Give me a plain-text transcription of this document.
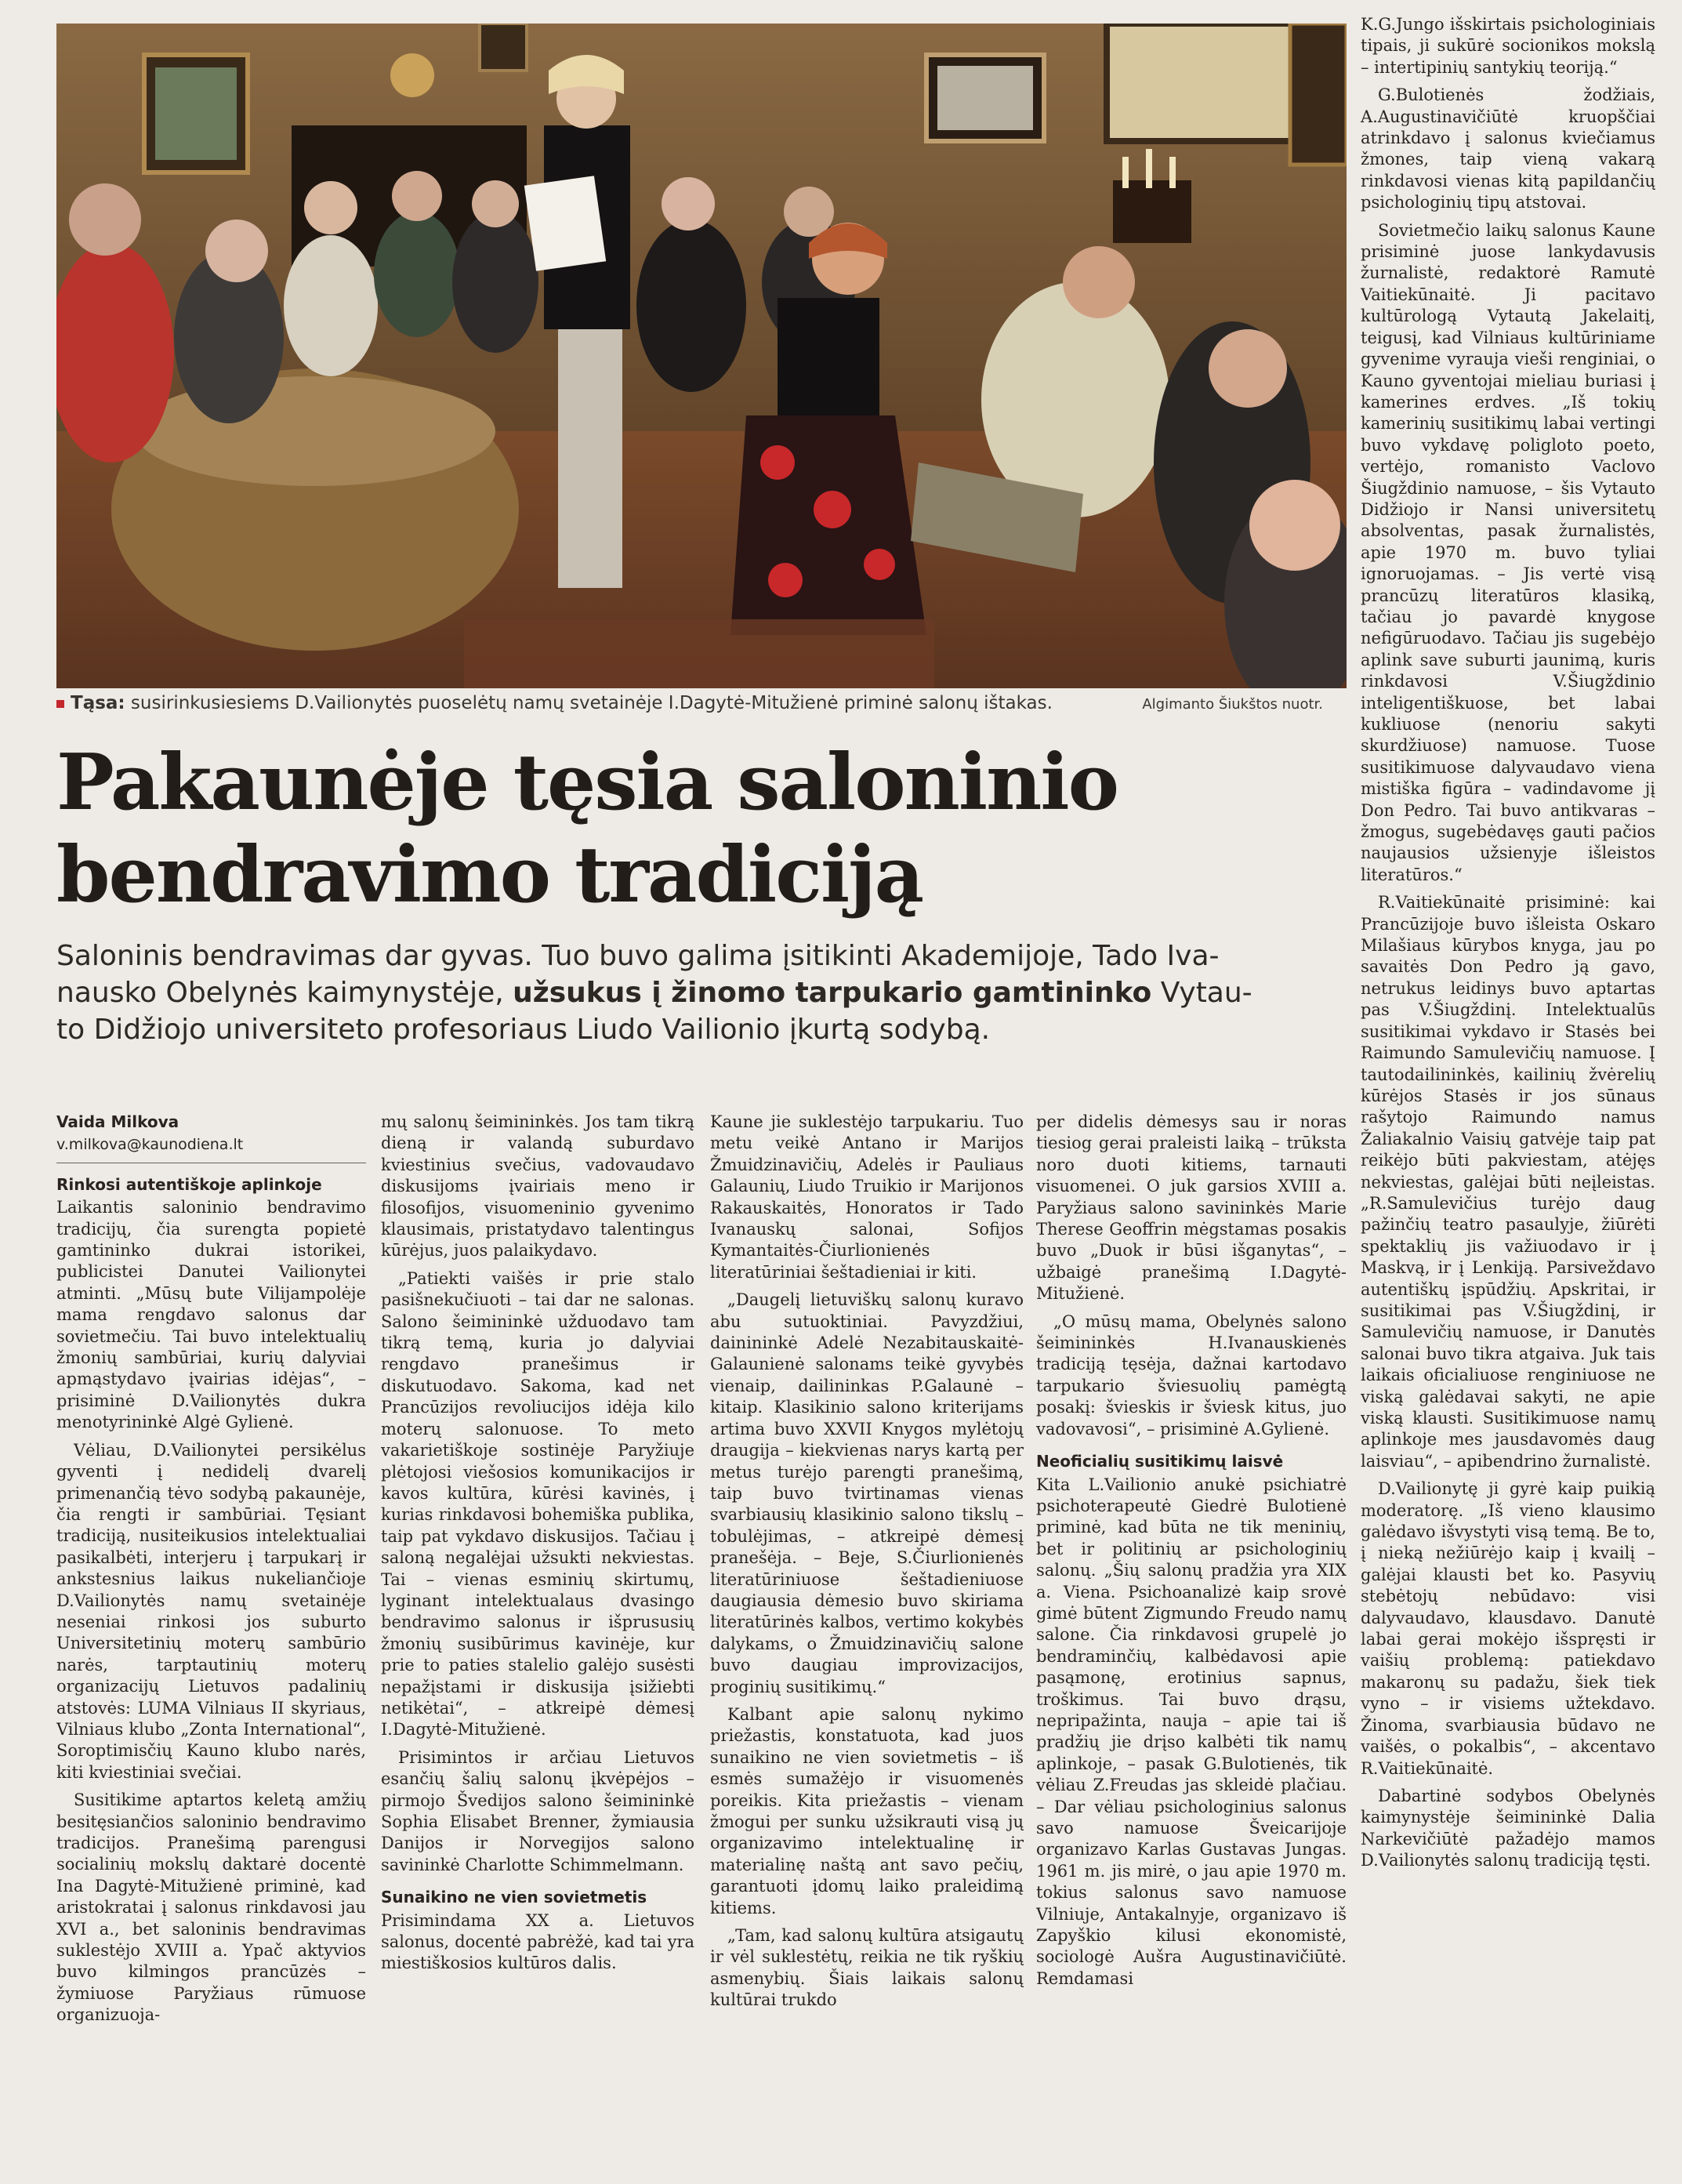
Tąsa: susirinkusiesiems D.Vailionytės puoselėtų namų svetainėje I.Dagytė-Mitužienė priminė salonų ištakas.	Algimanto Šiukštos nuotr.
Pakaunėje tęsia saloninio
bendravimo tradiciją
Saloninis bendravimas dar gyvas. Tuo buvo galima įsitikinti Akademijoje, Tado Iva-
nausko Obelynės kaimynystėje, užsukus į žinomo tarpukario gamtininko Vytau-
to Didžiojo universiteto profesoriaus Liudo Vailionio įkurtą sodybą.
Vaida Milkova
v.milkova@kaunodiena.lt
Rinkosi autentiškoje aplinkoje

Laikantis saloninio bendravimo tradicijų, čia surengta popietė gamtininko dukrai istorikei, publicistei Danutei Vailionytei atminti. „Mūsų bute Vilijampolėje mama rengdavo salonus dar sovietmečiu. Tai buvo intelektualių žmonių sambūriai, kurių dalyviai apmąstydavo įvairias idėjas“, – prisiminė D.Vailionytės dukra menotyrininkė Algė Gylienė.

Vėliau, D.Vailionytei persikėlus gyventi į nedidelį dvarelį primenančią tėvo sodybą pakaunėje, čia rengti ir sambūriai. Tęsiant tradiciją, nusiteikusios intelektualiai pasikalbėti, interjeru į tarpukarį ir ankstesnius laikus nukeliančioje D.Vailionytės namų svetainėje neseniai rinkosi jos suburto Universitetinių moterų sambūrio narės, tarptautinių moterų organizacijų Lietuvos padalinių atstovės: LUMA Vilniaus II skyriaus, Vilniaus klubo „Zonta International“, Soroptimisčių Kauno klubo narės, kiti kviestiniai svečiai.

Susitikime aptartos keletą amžių besitęsiančios saloninio bendravimo tradicijos. Pranešimą parengusi socialinių mokslų daktarė docentė Ina Dagytė-Mitužienė priminė, kad aristokratai į salonus rinkdavosi jau XVI a., bet saloninis bendravimas suklestėjo XVIII a. Ypač aktyvios buvo kilmingos prancūzės – žymiuose Paryžiaus rūmuose organizuoja-

mų salonų šeimininkės. Jos tam tikrą dieną ir valandą suburdavo kviestinius svečius, vadovaudavo diskusijoms įvairiais meno ir filosofijos, visuomeninio gyvenimo klausimais, pristatydavo talentingus kūrėjus, juos palaikydavo.

„Patiekti vaišės ir prie stalo pasišnekučiuoti – tai dar ne salonas. Salono šeimininkė užduodavo tam tikrą temą, kuria jo dalyviai rengdavo pranešimus ir diskutuodavo. Sakoma, kad net Prancūzijos revoliucijos idėja kilo moterų salonuose. To meto vakarietiškoje sostinėje Paryžiuje plėtojosi viešosios komunikacijos ir kavos kultūra, kūrėsi kavinės, į kurias rinkdavosi bohemiška publika, taip pat vykdavo diskusijos. Tačiau į saloną negalėjai užsukti nekviestas. Tai – vienas esminių skirtumų, lyginant intelektualaus dvasingo bendravimo salonus ir išprususių žmonių susibūrimus kavinėje, kur prie to paties stalelio galėjo susėsti nepažįstami ir diskusija įsižiebti netikėtai“, – atkreipė dėmesį I.Dagytė-Mitužienė.

Prisimintos ir arčiau Lietuvos esančių šalių salonų įkvėpėjos – pirmojo Švedijos salono šeimininkė Sophia Elisabet Brenner, žymiausia Danijos ir Norvegijos salono savininkė Charlotte Schimmelmann.

Sunaikino ne vien sovietmetis

Prisimindama XX a. Lietuvos salonus, docentė pabrėžė, kad tai yra miestiškosios kultūros dalis.

Kaune jie suklestėjo tarpukariu. Tuo metu veikė Antano ir Marijos Žmuidzinavičių, Adelės ir Pauliaus Galaunių, Liudo Truikio ir Marijonos Rakauskaitės, Honoratos ir Tado Ivanauskų salonai, Sofijos Kymantaitės-Čiurlionienės literatūriniai šeštadieniai ir kiti.

„Daugelį lietuviškų salonų kuravo abu sutuoktiniai. Pavyzdžiui, dainininkė Adelė Nezabitauskaitė-Galaunienė salonams teikė gyvybės vienaip, dailininkas P.Galaunė – kitaip. Klasikinio salono kriterijams artima buvo XXVII Knygos mylėtojų draugija – kiekvienas narys kartą per metus turėjo parengti pranešimą, taip buvo tvirtinamas vienas svarbiausių klasikinio salono tikslų – tobulėjimas, – atkreipė dėmesį pranešėja. – Beje, S.Čiurlionienės literatūriniuose šeštadieniuose daugiausia dėmesio buvo skiriama literatūrinės kalbos, vertimo kokybės dalykams, o Žmuidzinavičių salone buvo daugiau improvizacijos, proginių susitikimų.“

Kalbant apie salonų nykimo priežastis, konstatuota, kad juos sunaikino ne vien sovietmetis – iš esmės sumažėjo ir visuomenės poreikis. Kita priežastis – vienam žmogui per sunku užsikrauti visą jų organizavimo intelektualinę ir materialinę naštą ant savo pečių, garantuoti įdomų laiko praleidimą kitiems.

„Tam, kad salonų kultūra atsigautų ir vėl suklestėtų, reikia ne tik ryškių asmenybių. Šiais laikais salonų kultūrai trukdo

per didelis dėmesys sau ir noras tiesiog gerai praleisti laiką – trūksta noro duoti kitiems, tarnauti visuomenei. O juk garsios XVIII a. Paryžiaus salono savininkės Marie Therese Geoffrin mėgstamas posakis buvo „Duok ir būsi išganytas“, – užbaigė pranešimą I.Dagytė-Mitužienė.

„O mūsų mama, Obelynės salono šeimininkės H.Ivanauskienės tradiciją tęsėja, dažnai kartodavo tarpukario šviesuolių pamėgtą posakį: švieskis ir šviesk kitus, juo vadovavosi“, – prisiminė A.Gylienė.

Neoficialių susitikimų laisvė

Kita L.Vailionio anukė psichiatrė psichoterapeutė Giedrė Bulotienė priminė, kad būta ne tik meninių, bet ir politinių ar psichologinių salonų. „Šių salonų pradžia yra XIX a. Viena. Psichoanalizė kaip srovė gimė būtent Zigmundo Freudo namų salone. Čia rinkdavosi grupelė jo bendraminčių, kalbėdavosi apie pasąmonę, erotinius sapnus, troškimus. Tai buvo drąsu, nepripažinta, nauja – apie tai iš pradžių jie drįso kalbėti tik namų aplinkoje, – pasak G.Bulotienės, tik vėliau Z.Freudas jas skleidė plačiau. – Dar vėliau psichologinius salonus savo namuose Šveicarijoje organizavo Karlas Gustavas Jungas. 1961 m. jis mirė, o jau apie 1970 m. tokius salonus savo namuose Vilniuje, Antakalnyje, organizavo iš Zapyškio kilusi ekonomistė, sociologė Aušra Augustinavičiūtė. Remdamasi

K.G.Jungo išskirtais psichologiniais tipais, ji sukūrė socionikos mokslą – intertipinių santykių teoriją.“

G.Bulotienės žodžiais, A.Augustinavičiūtė kruopščiai atrinkdavo į salonus kviečiamus žmones, taip vieną vakarą rinkdavosi vienas kitą papildančių psichologinių tipų atstovai.

Sovietmečio laikų salonus Kaune prisiminė juose lankydavusis žurnalistė, redaktorė Ramutė Vaitiekūnaitė. Ji pacitavo kultūrologą Vytautą Jakelaitį, teigusį, kad Vilniaus kultūriniame gyvenime vyrauja vieši renginiai, o Kauno gyventojai mieliau buriasi į kamerines erdves. „Iš tokių kamerinių susitikimų labai vertingi buvo vykdavę poligloto poeto, vertėjo, romanisto Vaclovo Šiugždinio namuose, – šis Vytauto Didžiojo ir Nansi universitetų absolventas, pasak žurnalistės, apie 1970 m. buvo tyliai ignoruojamas. – Jis vertė visą prancūzų literatūros klasiką, tačiau jo pavardė knygose nefigūruodavo. Tačiau jis sugebėjo aplink save suburti jaunimą, kuris rinkdavosi V.Šiugždinio inteligentiškuose, bet labai kukliuose (nenoriu sakyti skurdžiuose) namuose. Tuose susitikimuose dalyvaudavo viena mistiška figūra – vadindavome jį Don Pedro. Tai buvo antikvaras – žmogus, sugebėdavęs gauti pačios naujausios užsienyje išleistos literatūros.“

R.Vaitiekūnaitė prisiminė: kai Prancūzijoje buvo išleista Oskaro Milašiaus kūrybos knyga, jau po savaitės Don Pedro ją gavo, netrukus leidinys buvo aptartas pas V.Šiugždinį. Intelektualūs susitikimai vykdavo ir Stasės bei Raimundo Samulevičių namuose. Į tautodailininkės, kailinių žvėrelių kūrėjos Stasės ir jos sūnaus rašytojo Raimundo namus Žaliakalnio Vaisių gatvėje taip pat reikėjo būti pakviestam, atėjęs nekviestas, galėjai būti neįleistas. „R.Samulevičius turėjo daug pažinčių teatro pasaulyje, žiūrėti spektaklių jis važiuodavo ir į Maskvą, ir į Lenkiją. Parsiveždavo autentiškų įspūdžių. Apskritai, ir susitikimai pas V.Šiugždinį, ir Samulevičių namuose, ir Danutės salonai buvo tikra atgaiva. Juk tais laikais oficialiuose renginiuose ne viską galėdavai sakyti, ne apie viską klausti. Susitikimuose namų aplinkoje mes jausdavomės daug laisviau“, – apibendrino žurnalistė.

D.Vailionytę ji gyrė kaip puikią moderatorę. „Iš vieno klausimo galėdavo išvystyti visą temą. Be to, į nieką nežiūrėjo kaip į kvailį – galėjai klausti bet ko. Pasyvių stebėtojų nebūdavo: visi dalyvaudavo, klausdavo. Danutė labai gerai mokėjo išspręsti ir vaišių problemą: patiekdavo makaronų su padažu, šiek tiek vyno – ir visiems užtekdavo. Žinoma, svarbiausia būdavo ne vaišės, o pokalbis“, – akcentavo R.Vaitiekūnaitė.

Dabartinė sodybos Obelynės kaimynystėje šeimininkė Dalia Narkevičiūtė pažadėjo mamos D.Vailionytės salonų tradiciją tęsti.
